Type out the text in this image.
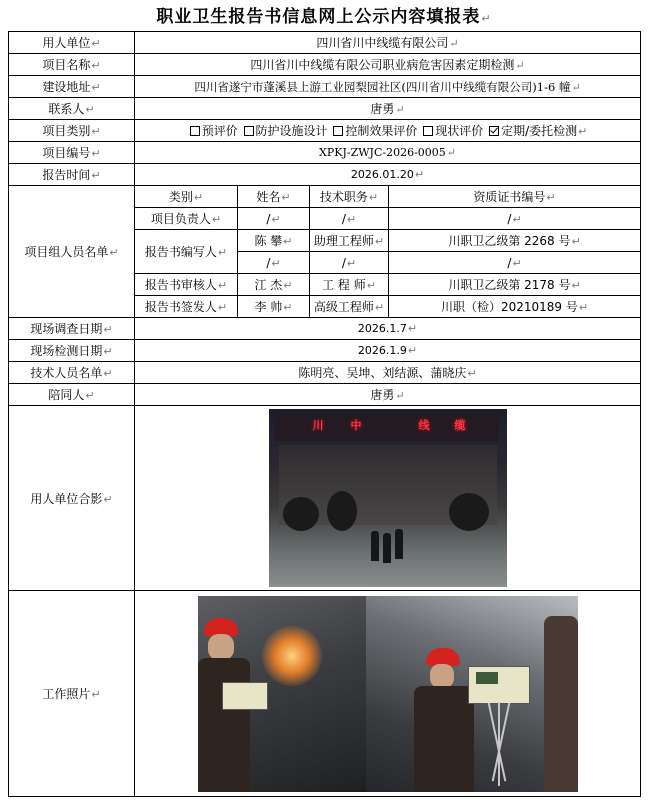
职业卫生报告书信息网上公示内容填报表↵
用人单位↵	四川省川中线缆有限公司↵			
项目名称↵	四川省川中线缆有限公司职业病危害因素定期检测↵			
建设地址↵	四川省遂宁市蓬溪县上游工业园梨园社区(四川省川中线缆有限公司)1-6 幢↵			
联系人↵	唐勇↵			
项目类别↵	预评价 防护设施设计 控制效果评价 现状评价 定期/委托检测↵			
项目编号↵	XPKJ-ZWJC-2026-0005↵			
报告时间↵	2026.01.20↵			
项目组人员名单↵	类别↵	姓名↵	技术职务↵	资质证书编号↵
	项目负责人↵	/↵	/↵	/↵
	报告书编写人↵	陈 攀↵	助理工程师↵	川职卫乙级第 2268 号↵
		/↵	/↵	/↵
	报告书审核人↵	江 杰↵	工 程 师↵	川职卫乙级第 2178 号↵
	报告书签发人↵	李 帅↵	高级工程师↵	川职（检）20210189 号↵
现场调查日期↵	2026.1.7↵			
现场检测日期↵	2026.1.9↵			
技术人员名单↵	陈明亮、吴坤、刘结源、蒲晓庆↵			
陪同人↵	唐勇↵			
用人单位合影↵	川 中 线 缆			

工作照片↵				
